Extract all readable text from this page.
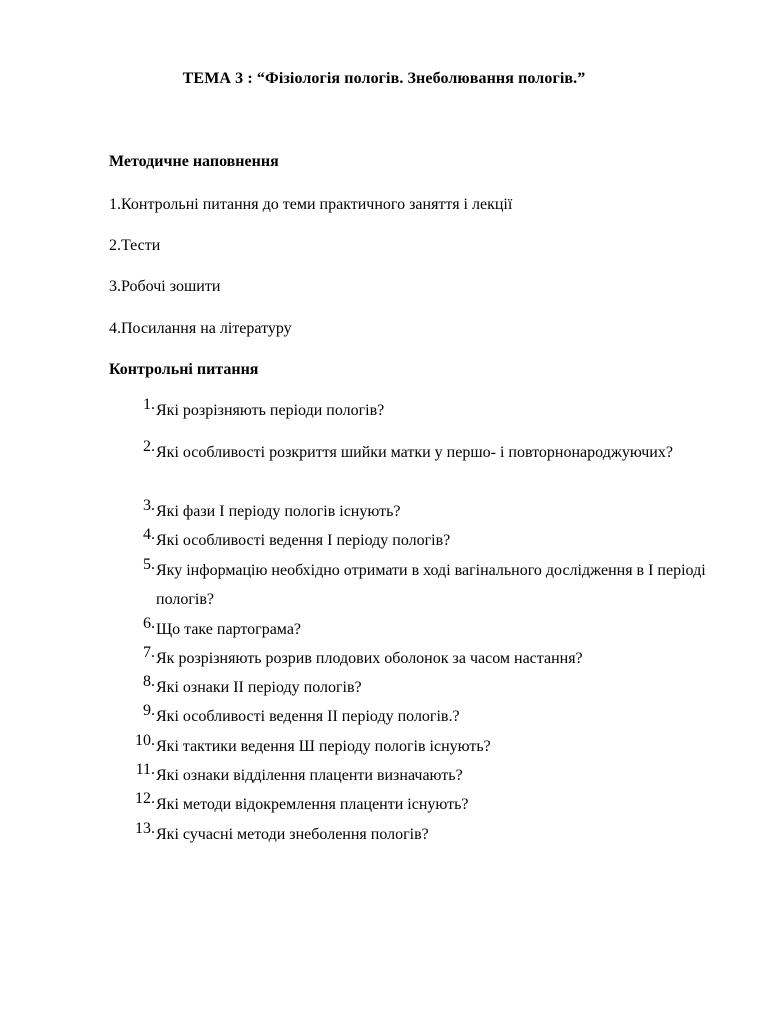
ТЕМА 3 : “Фізіологія пологів. Знеболювання пологів.”
Методичне наповнення
1.Контрольні питання до теми практичного заняття і лекції
2.Тести
3.Робочі зошити
4.Посилання на літературу
Контрольні питання
1. Які розрізняють періоди пологів?
2. Які особливості розкриття шийки матки у першо- і повторнонароджуючих?
3. Які фази I періоду пологів існують?
4. Які особливості ведення I періоду пологів?
5. Яку інформацію необхідно отримати в ході вагінального дослідження в I періоді пологів?
6. Що таке партограма?
7. Як розрізняють розрив плодових оболонок за часом настання?
8. Які ознаки II періоду пологів?
9. Які особливості ведення II періоду пологів.?
10. Які тактики ведення Ш періоду пологів існують?
11. Які ознаки відділення плаценти визначають?
12. Які методи відокремлення плаценти існують?
13. Які сучасні методи знеболення пологів?
